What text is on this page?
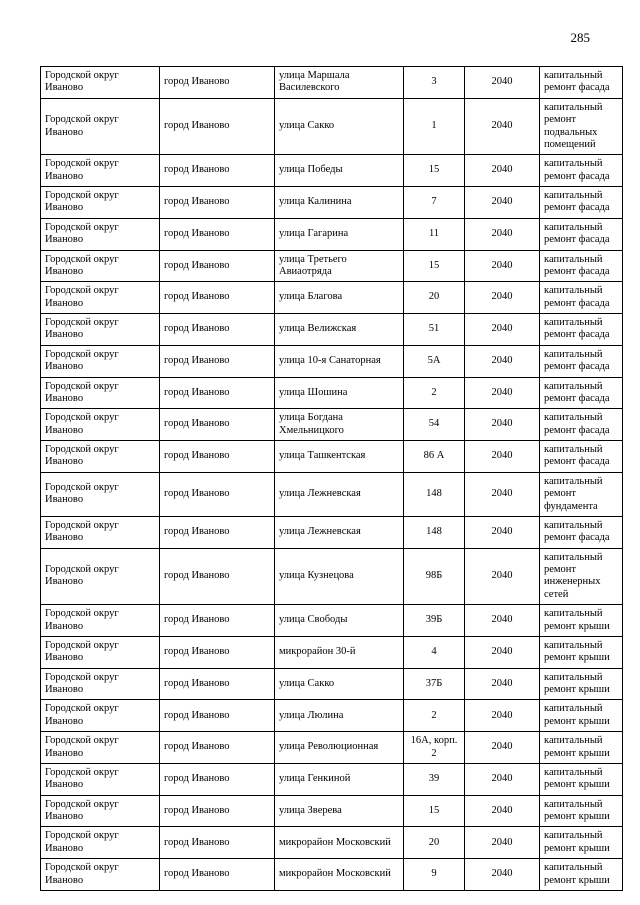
285
Городской округ Иваново	город Иваново	улица Маршала Василевского	3	2040	капитальный ремонт фасада
Городской округ Иваново	город Иваново	улица Сакко	1	2040	капитальный ремонт подвальных помещений
Городской округ Иваново	город Иваново	улица Победы	15	2040	капитальный ремонт фасада
Городской округ Иваново	город Иваново	улица Калинина	7	2040	капитальный ремонт фасада
Городской округ Иваново	город Иваново	улица Гагарина	11	2040	капитальный ремонт фасада
Городской округ Иваново	город Иваново	улица Третьего Авиаотряда	15	2040	капитальный ремонт фасада
Городской округ Иваново	город Иваново	улица Благова	20	2040	капитальный ремонт фасада
Городской округ Иваново	город Иваново	улица Велижская	51	2040	капитальный ремонт фасада
Городской округ Иваново	город Иваново	улица 10-я Санаторная	5А	2040	капитальный ремонт фасада
Городской округ Иваново	город Иваново	улица Шошина	2	2040	капитальный ремонт фасада
Городской округ Иваново	город Иваново	улица Богдана Хмельницкого	54	2040	капитальный ремонт фасада
Городской округ Иваново	город Иваново	улица Ташкентская	86 А	2040	капитальный ремонт фасада
Городской округ Иваново	город Иваново	улица Лежневская	148	2040	капитальный ремонт фундамента
Городской округ Иваново	город Иваново	улица Лежневская	148	2040	капитальный ремонт фасада
Городской округ Иваново	город Иваново	улица Кузнецова	98Б	2040	капитальный ремонт инженерных сетей
Городской округ Иваново	город Иваново	улица Свободы	39Б	2040	капитальный ремонт крыши
Городской округ Иваново	город Иваново	микрорайон 30-й	4	2040	капитальный ремонт крыши
Городской округ Иваново	город Иваново	улица Сакко	37Б	2040	капитальный ремонт крыши
Городской округ Иваново	город Иваново	улица Люлина	2	2040	капитальный ремонт крыши
Городской округ Иваново	город Иваново	улица Революционная	16А, корп. 2	2040	капитальный ремонт крыши
Городской округ Иваново	город Иваново	улица Генкиной	39	2040	капитальный ремонт крыши
Городской округ Иваново	город Иваново	улица Зверева	15	2040	капитальный ремонт крыши
Городской округ Иваново	город Иваново	микрорайон Московский	20	2040	капитальный ремонт крыши
Городской округ Иваново	город Иваново	микрорайон Московский	9	2040	капитальный ремонт крыши
